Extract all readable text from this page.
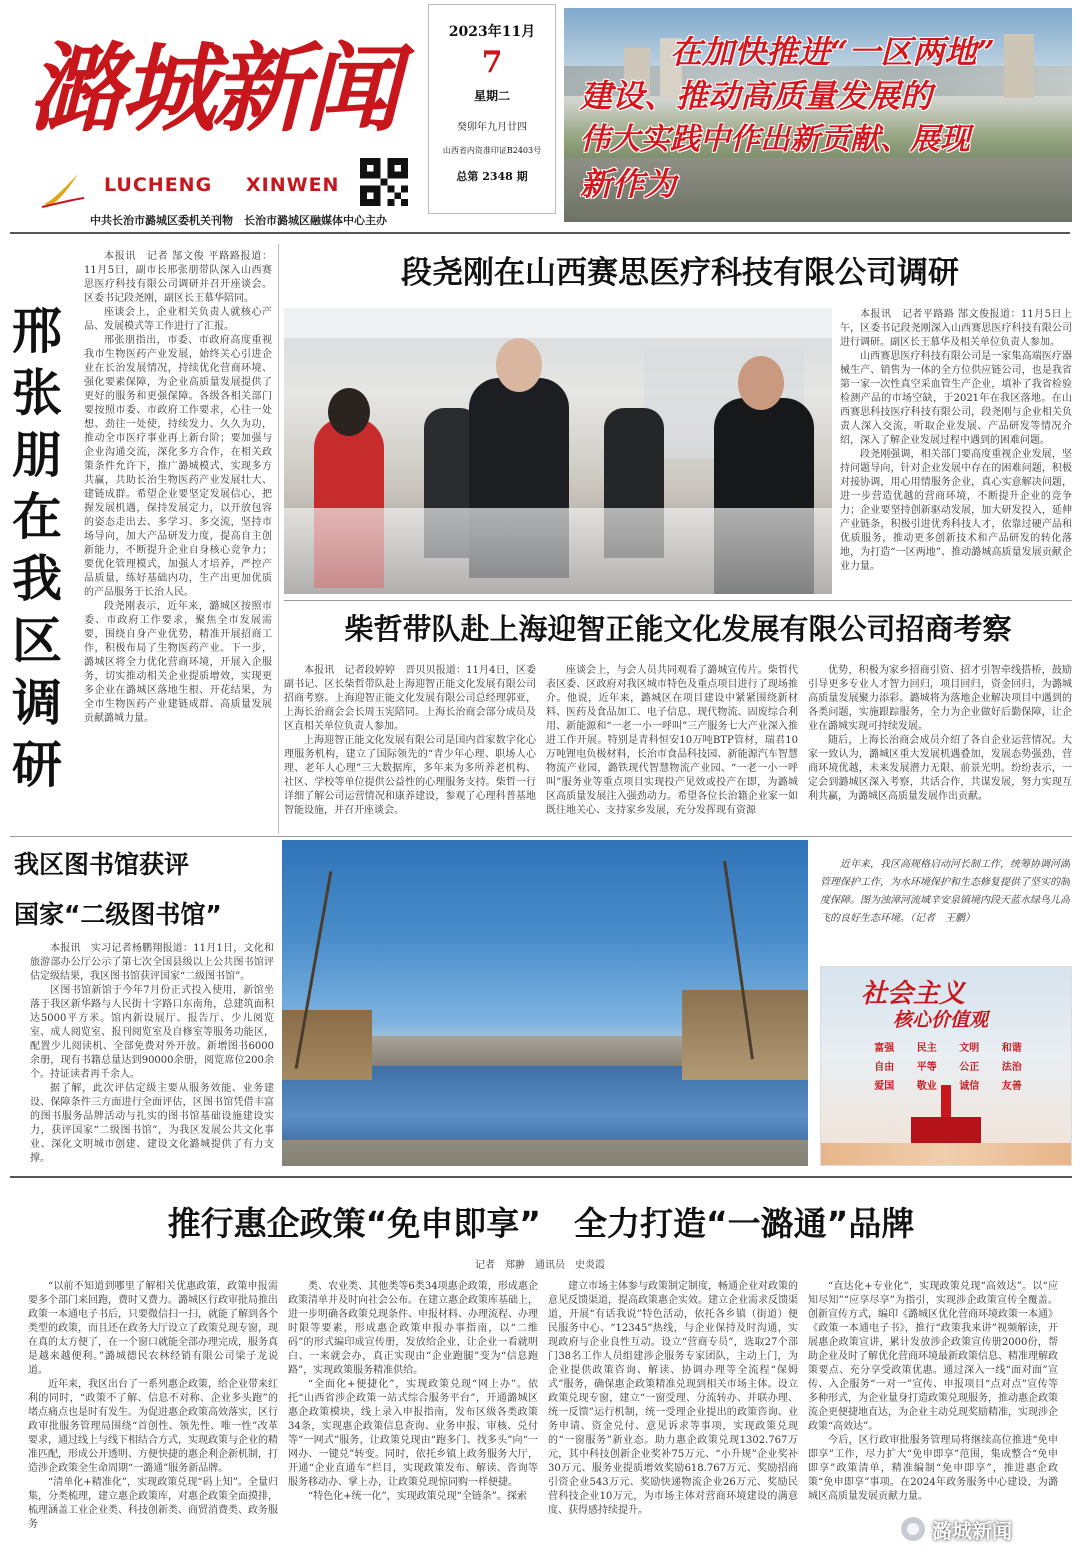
潞城新闻
LUCHENG XINWEN
中共长治市潞城区委机关刊物　长治市潞城区融媒体中心主办
2023年11月
7
星期二
癸卯年九月廿四
山西省内资准印证B2403号
总第 2348 期
在加快推进“一区两地”
建设、推动高质量发展的
伟大实践中作出新贡献、展现
新作为
邢张朋在我区调研

本报讯　记者 郜文俊 平路路报道：11月5日，副市长邢张朋带队深入山西赛思医疗科技有限公司调研并召开座谈会。区委书记段尧刚，副区长王慕华陪同。

座谈会上，企业相关负责人就核心产品、发展模式等工作进行了汇报。

邢张朋指出，市委、市政府高度重视我市生物医药产业发展，始终关心引进企业在长治发展情况，持续优化营商环境、强化要素保障，为企业高质量发展提供了更好的服务和更强保障。各级各相关部门要按照市委、市政府工作要求，心往一处想、劲往一处使，持续发力、久久为功，推动全市医疗事业再上新台阶；要加强与企业沟通交流，深化多方合作，在相关政策条件允许下，推广潞城模式，实现多方共赢，共助长治生物医药产业发展壮大、建链成群。希望企业要坚定发展信心，把握发展机遇，保持发展定力，以开放包容的姿态走出去、多学习、多交流，坚持市场导向，加大产品研发力度，提高自主创新能力，不断提升企业自身核心竞争力；要优化管理模式，加强人才培养，严控产品质量，练好基础内功，生产出更加优质的产品服务于长治人民。

段尧刚表示，近年来，潞城区按照市委、市政府工作要求，聚焦全市发展需要，围绕自身产业优势，精准开展招商工作，积极布局了生物医药产业。下一步，潞城区将全力优化营商环境，开展入企服务，切实推动相关企业提质增效，实现更多企业在潞城区落地生根、开花结果，为全市生物医药产业建链成群、高质量发展贡献潞城力量。

段尧刚在山西赛思医疗科技有限公司调研

本报讯　记者平路路 郜文俊报道：11月5日上午，区委书记段尧刚深入山西赛思医疗科技有限公司进行调研。副区长王慕华及相关单位负责人参加。

山西赛思医疗科技有限公司是一家集高端医疗器械生产、销售为一体的全方位供应链公司，也是我省第一家一次性真空采血管生产企业，填补了我省检验检测产品的市场空缺，于2021年在我区落地。在山西赛思科技医疗科技有限公司，段尧刚与企业相关负责人深入交流，听取企业发展、产品研发等情况介绍，深入了解企业发展过程中遇到的困难问题。

段尧刚强调，相关部门要高度重视企业发展，坚持问题导向，针对企业发展中存在的困难问题，积极对接协调，用心用情服务企业，真心实意解决问题，进一步营造优越的营商环境，不断提升企业的竞争力；企业要坚持创新驱动发展，加大研发投入，延伸产业链条，积极引进优秀科技人才，依靠过硬产品和优质服务，推动更多创新技术和产品研发的转化落地，为打造“一区两地”、推动潞城高质量发展贡献企业力量。

柴哲带队赴上海迎智正能文化发展有限公司招商考察

本报讯　记者段婷婷　晋贝贝报道：11月4日，区委副书记、区长柴哲带队赴上海迎智正能文化发展有限公司招商考察。上海迎智正能文化发展有限公司总经理郭亚，上海长治商会会长周玉宪陪同。上海长治商会部分成员及区直相关单位负责人参加。

上海迎智正能文化发展有限公司是国内首家数字化心理服务机构，建立了国际领先的“青少年心理、职场人心理、老年人心理”三大数据库，多年来为多所养老机构、社区、学校等单位提供公益性的心理服务支持。柴哲一行详细了解公司运营情况和康养建设，参观了心理科普基地智能设施，并召开座谈会。

座谈会上，与会人员共同观看了潞城宣传片。柴哲代表区委、区政府对我区城市特色及重点项目进行了现场推介。他说，近年来，潞城区在项目建设中紧紧围绕新材料、医药及食品加工、电子信息、现代物流、固废综合利用、新能源和“一老一小一呼叫”三产服务七大产业深入推进工作开展。特别是青科恒安10万吨BTP管材，瑞君10万吨锂电负极材料，长治市食品科技园、新能源汽车智慧物流产业园，潞铁现代智慧物流产业园、“一老一小一呼叫”服务业等重点项目实现投产见效或投产在即，为潞城区高质量发展注入强劲动力。希望各位长治籍企业家一如既往地关心、支持家乡发展，充分发挥现有资源

优势，积极为家乡招商引资、招才引智牵线搭桥，鼓励引导更多专业人才智力回归，项目回归，资金回归，为潞城高质量发展聚力添彩。潞城将为落地企业解决项目中遇到的各类问题，实施跟踪服务，全力为企业做好后勤保障，让企业在潞城实现可持续发展。

随后，上海长治商会成员介绍了各自企业运营情况。大家一致认为，潞城区重大发展机遇叠加，发展态势强劲，营商环境优越，未来发展潜力无限、前景光明。纷纷表示，一定会到潞城区深入考察，共话合作，共谋发展，努力实现互利共赢，为潞城区高质量发展作出贡献。

我区图书馆获评
国家“二级图书馆”

本报讯　实习记者杨鹏翔报道：11月1日，文化和旅游部办公厅公示了第七次全国县级以上公共图书馆评估定级结果，我区图书馆获评国家“二级图书馆”。

区图书馆新馆于今年7月份正式投入使用，新馆坐落于我区新华路与人民街十字路口东南角，总建筑面积达5000平方米。馆内新设展厅、报告厅、少儿阅览室、成人阅览室、报刊阅览室及自修室等服务功能区，配置少儿阅读机、全部免费对外开放。新增图书6000余册，现有书籍总量达到90000余册，阅览席位200余个。持证读者再千余人。

据了解，此次评估定级主要从服务效能、业务建设、保障条件三方面进行全面评估，区图书馆凭借丰富的图书服务品牌活动与扎实的图书馆基础设施建设实力，获评国家“二级图书馆”，为我区发展公共文化事业、深化文明城市创建、建设文化潞城提供了有力支撑。

近年来，我区高规格启动河长制工作，统筹协调河湖管理保护工作，为水环境保护和生态修复提供了坚实的制度保障。图为浊漳河流域辛安泉镇境内段天蓝水绿鸟儿高飞的良好生态环境。（记者　王鹏）
社会主义
核心价值观
富强	民主	文明	和谐
自由	平等	公正	法治
爱国	敬业	诚信	友善
推行惠企政策“免申即享”　全力打造“一潞通”品牌
记者　郑翀　通讯员　史炎霞

“以前不知道到哪里了解相关优惠政策，政策申报需要多个部门来回跑，费时又费力。潞城区行政审批局推出政策一本通电子书后，只要微信扫一扫，就能了解到各个类型的政策，而且还在政务大厅设立了政策兑现专窗，现在真的太方便了，在一个窗口就能全部办理完成，服务真是越来越便利。”潞城德民农林经销有限公司梁子龙说道。

近年来，我区出台了一系列惠企政策，给企业带来红利的同时，“政策不了解、信息不对称、企业多头跑”的堵点痛点也是时有发生。为促进惠企政策高效落实，区行政审批服务管理局围绕“首创性、领先性、唯一性”改革要求，通过线上与线下相结合方式，实现政策与企业的精准匹配，形成公开透明、方便快捷的惠企利企新机制，打造涉企政策全生命周期“一潞通”服务新品牌。

“清单化+精准化”，实现政策兑现“码上知”。全量归集，分类梳理，建立惠企政策库，对惠企政策全面摸排，梳理涵盖工业企业类、科技创新类、商贸消费类、政务服务

类、农业类、其他类等6类34项惠企政策，形成惠企政策清单并及时向社会公布。在建立惠企政策库基础上，进一步明确各政策兑现条件、申报材料、办理流程、办理时限等要素，形成惠企政策申报办事指南，以“二维码”的形式编印成宣传册，发放给企业，让企业一看就明白、一来就会办，真正实现由“企业跑腿”变为“信息跑路”，实现政策服务精准供给。

“全面化+便捷化”，实现政策兑现“网上办”。依托“山西省涉企政策一站式综合服务平台”，开通潞城区惠企政策模块，线上录入申报指南，发布区级各类政策34条，实现惠企政策信息查询、业务申报、审核、兑付等“一网式”服务，让政策兑现由“跑多门、找多头”向“一网办、一键兑”转变。同时，依托乡镇上政务服务大厅，开通“企业直通车”栏目，实现政策发布、解读、咨询等服务移动办、掌上办，让政策兑现惊同购一样便捷。

“特色化+统一化”，实现政策兑现“全链条”。探索

建立市场主体参与政策制定制度，畅通企业对政策的意见反馈渠道，提高政策惠企实效。建立企业需求反馈渠道，开展“有话我说”特色活动，依托各乡镇（街道）便民服务中心、“12345”热线，与企业保持及时沟通，实现政府与企业良性互动。设立“营商专员”，选取27个部门38名工作人员组建涉企服务专家团队，主动上门，为企业提供政策咨询、解读、协调办理等全流程“保姆式”服务，确保惠企政策精准兑现到相关市场主体。设立政策兑现专窗，建立“一窗受理、分流转办、并联办理、统一反馈”运行机制，统一受理企业提出的政策咨询、业务申请、资金兑付、意见诉求等事项，实现政策兑现的“一窗服务”新业态。助力惠企政策兑现1302.767万元，其中科技创新企业奖补75万元、“小升规”企业奖补30万元、服务业提质增效奖励618.767万元、奖励招商引资企业543万元、奖励快递物流企业26万元、奖励民营科技企业10万元，为市场主体对营商环境建设的满意度、获得感持续提升。

“直达化+专业化”，实现政策兑现“高效达”。以“应知尽知”“应享尽享”为指引，实现涉企政策宣传全覆盖。创新宣传方式，编印《潞城区优化营商环境政策一本通》《政策一本通电子书》，推行“政策我来讲”视频解读，开展惠企政策宣讲，累计发放涉企政策宣传册2000份，帮助企业及时了解优化营商环境最新政策信息、精准理解政策要点、充分享受政策优惠。通过深入一线“面对面”宣传、入企服务“一对一”宣传、申报项目“点对点”宣传等多种形式，为企业量身打造政策兑现服务，推动惠企政策流企更便捷地直达，为企业主动兑现奖励精准，实现涉企政策“高效达”。

今后，区行政审批服务管理局将继续高位推进“免申即享”工作，尽力扩大“免申即享”范围，集成整合“免申即享”政策清单，精准编制“免申即享”，推进惠企政策“免申即享”事项。在2024年政务服务中心建设，为潞城区高质量发展贡献力量。

潞城新闻
